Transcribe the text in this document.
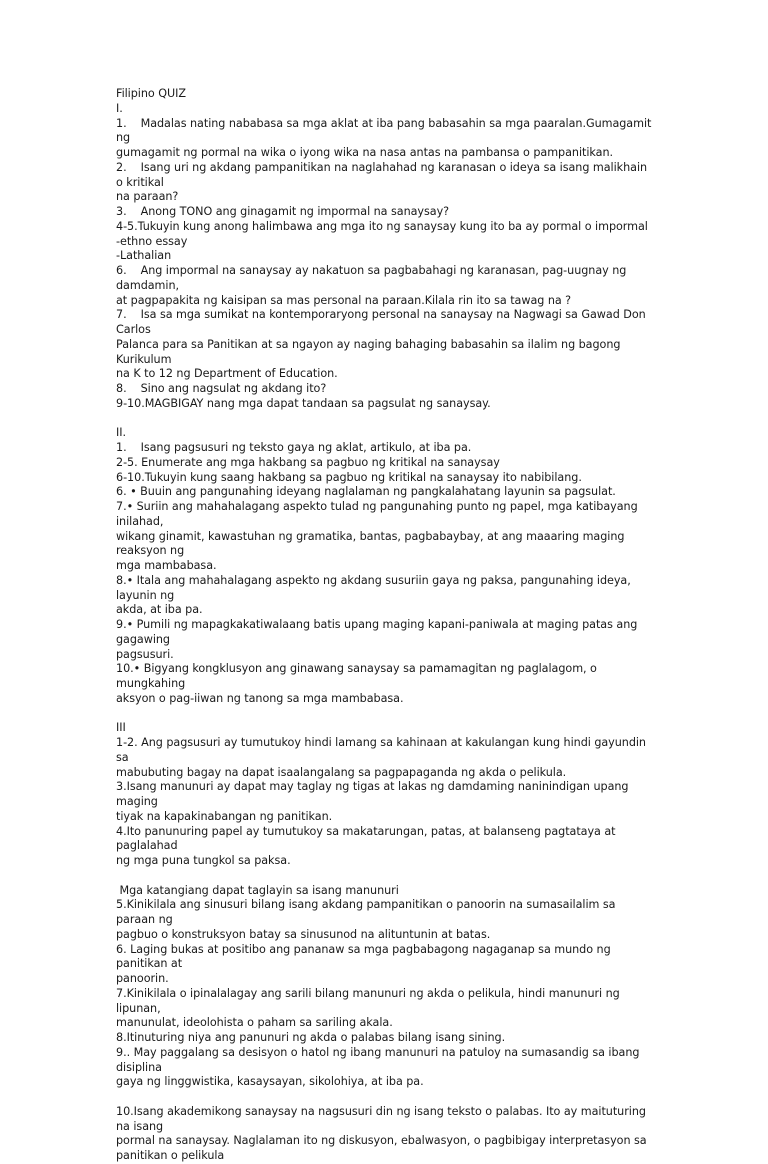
Filipino QUIZ
I.
1.    Madalas nating nababasa sa mga aklat at iba pang babasahin sa mga paaralan.Gumagamit ng
gumagamit ng pormal na wika o iyong wika na nasa antas na pambansa o pampanitikan.
2.    Isang uri ng akdang pampanitikan na naglahahad ng karanasan o ideya sa isang malikhain o kritikal
na paraan?
3.    Anong TONO ang ginagamit ng impormal na sanaysay?
4-5.Tukuyin kung anong halimbawa ang mga ito ng sanaysay kung ito ba ay pormal o impormal
-ethno essay
-Lathalian
6.    Ang impormal na sanaysay ay nakatuon sa pagbabahagi ng karanasan, pag-uugnay ng damdamin,
at pagpapakita ng kaisipan sa mas personal na paraan.Kilala rin ito sa tawag na ?
7.    Isa sa mga sumikat na kontemporaryong personal na sanaysay na Nagwagi sa Gawad Don Carlos
Palanca para sa Panitikan at sa ngayon ay naging bahaging babasahin sa ilalim ng bagong Kurikulum
na K to 12 ng Department of Education.
8.    Sino ang nagsulat ng akdang ito?
9-10.MAGBIGAY nang mga dapat tandaan sa pagsulat ng sanaysay.
II.
1.    Isang pagsusuri ng teksto gaya ng aklat, artikulo, at iba pa.
2-5. Enumerate ang mga hakbang sa pagbuo ng kritikal na sanaysay
6-10.Tukuyin kung saang hakbang sa pagbuo ng kritikal na sanaysay ito nabibilang.
6. • Buuin ang pangunahing ideyang naglalaman ng pangkalahatang layunin sa pagsulat.
7.• Suriin ang mahahalagang aspekto tulad ng pangunahing punto ng papel, mga katibayang inilahad,
wikang ginamit, kawastuhan ng gramatika, bantas, pagbabaybay, at ang maaaring maging reaksyon ng
mga mambabasa.
8.• Itala ang mahahalagang aspekto ng akdang susuriin gaya ng paksa, pangunahing ideya, layunin ng
akda, at iba pa.
9.• Pumili ng mapagkakatiwalaang batis upang maging kapani-paniwala at maging patas ang gagawing
pagsusuri.
10.• Bigyang kongklusyon ang ginawang sanaysay sa pamamagitan ng paglalagom, o mungkahing
aksyon o pag-iiwan ng tanong sa mga mambabasa.
III
1-2. Ang pagsusuri ay tumutukoy hindi lamang sa kahinaan at kakulangan kung hindi gayundin sa
mabubuting bagay na dapat isaalangalang sa pagpapaganda ng akda o pelikula.
3.Isang manunuri ay dapat may taglay ng tigas at lakas ng damdaming naninindigan upang maging
tiyak na kapakinabangan ng panitikan.
4.Ito panunuring papel ay tumutukoy sa makatarungan, patas, at balanseng pagtataya at paglalahad
ng mga puna tungkol sa paksa.
Mga katangiang dapat taglayin sa isang manunuri
5.Kinikilala ang sinusuri bilang isang akdang pampanitikan o panoorin na sumasailalim sa paraan ng
pagbuo o konstruksyon batay sa sinusunod na alituntunin at batas.
6. Laging bukas at positibo ang pananaw sa mga pagbabagong nagaganap sa mundo ng panitikan at
panoorin.
7.Kinikilala o ipinalalagay ang sarili bilang manunuri ng akda o pelikula, hindi manunuri ng lipunan,
manunulat, ideolohista o paham sa sariling akala.
8.Itinuturing niya ang panunuri ng akda o palabas bilang isang sining.
9.. May paggalang sa desisyon o hatol ng ibang manunuri na patuloy na sumasandig sa ibang disiplina
gaya ng linggwistika, kasaysayan, sikolohiya, at iba pa.
10.Isang akademikong sanaysay na nagsusuri din ng isang teksto o palabas. Ito ay maituturing na isang
pormal na sanaysay. Naglalaman ito ng diskusyon, ebalwasyon, o pagbibigay interpretasyon sa
panitikan o pelikula
